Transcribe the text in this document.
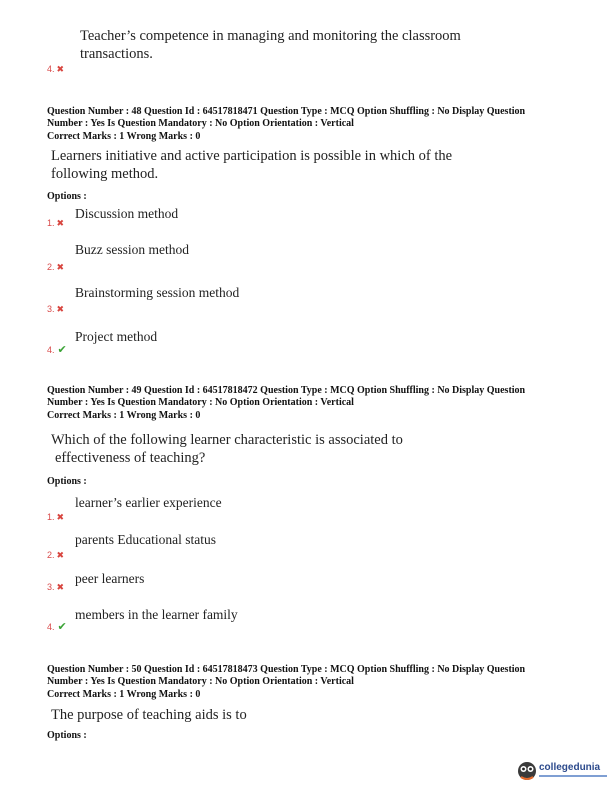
Teacher’s competence in managing and monitoring the classroom
transactions.
4. ✖
Question Number : 48 Question Id : 64517818471 Question Type : MCQ Option Shuffling : No Display Question
Number : Yes Is Question Mandatory : No Option Orientation : Vertical
Correct Marks : 1 Wrong Marks : 0
Learners initiative and active participation is possible in which of the
following method.
Options :
1. ✖
Discussion method
Buzz session method
2. ✖
Brainstorming session method
3. ✖
Project method
4. ✔
Question Number : 49 Question Id : 64517818472 Question Type : MCQ Option Shuffling : No Display Question
Number : Yes Is Question Mandatory : No Option Orientation : Vertical
Correct Marks : 1 Wrong Marks : 0
Which of the following learner characteristic is associated to
effectiveness of teaching?
Options :
learner’s earlier experience
1. ✖
parents Educational status
2. ✖
3. ✖
peer learners
members in the learner family
4. ✔
Question Number : 50 Question Id : 64517818473 Question Type : MCQ Option Shuffling : No Display Question
Number : Yes Is Question Mandatory : No Option Orientation : Vertical
Correct Marks : 1 Wrong Marks : 0
The purpose of teaching aids is to
Options :
collegedunia
